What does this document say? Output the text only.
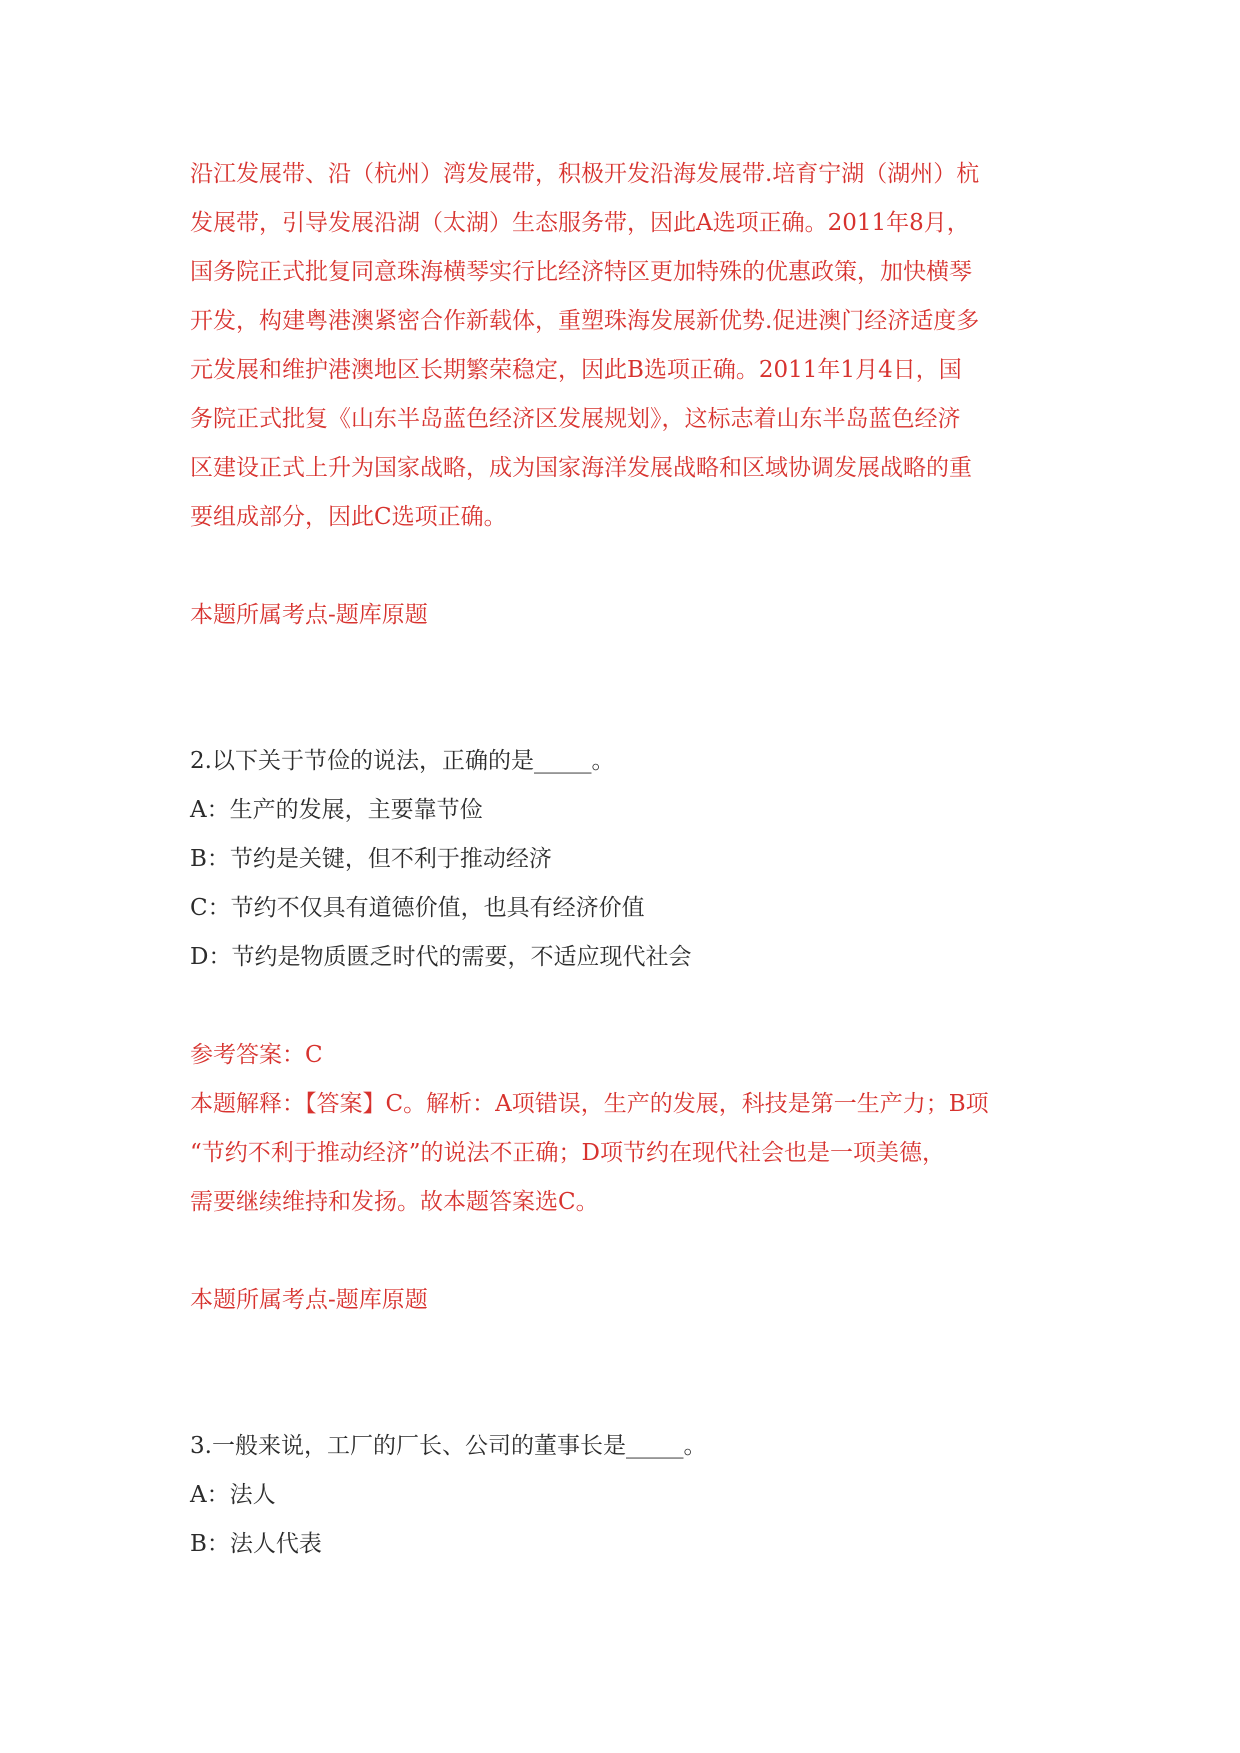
沿江发展带、沿（杭州）湾发展带，积极开发沿海发展带.培育宁湖（湖州）杭

发展带，引导发展沿湖（太湖）生态服务带，因此A选项正确。2011年8月，

国务院正式批复同意珠海横琴实行比经济特区更加特殊的优惠政策，加快横琴

开发，构建粤港澳紧密合作新载体，重塑珠海发展新优势.促进澳门经济适度多

元发展和维护港澳地区长期繁荣稳定，因此B选项正确。2011年1月4日，国

务院正式批复《山东半岛蓝色经济区发展规划》，这标志着山东半岛蓝色经济

区建设正式上升为国家战略，成为国家海洋发展战略和区域协调发展战略的重

要组成部分，因此C选项正确。

本题所属考点-题库原题

2.以下关于节俭的说法，正确的是_____。

A：生产的发展，主要靠节俭

B：节约是关键，但不利于推动经济

C：节约不仅具有道德价值，也具有经济价值

D：节约是物质匮乏时代的需要，不适应现代社会

参考答案：C

本题解释：【答案】C。解析：A项错误，生产的发展，科技是第一生产力；B项

“节约不利于推动经济”的说法不正确；D项节约在现代社会也是一项美德，

需要继续维持和发扬。故本题答案选C。

本题所属考点-题库原题

3.一般来说，工厂的厂长、公司的董事长是_____。

A：法人

B：法人代表
